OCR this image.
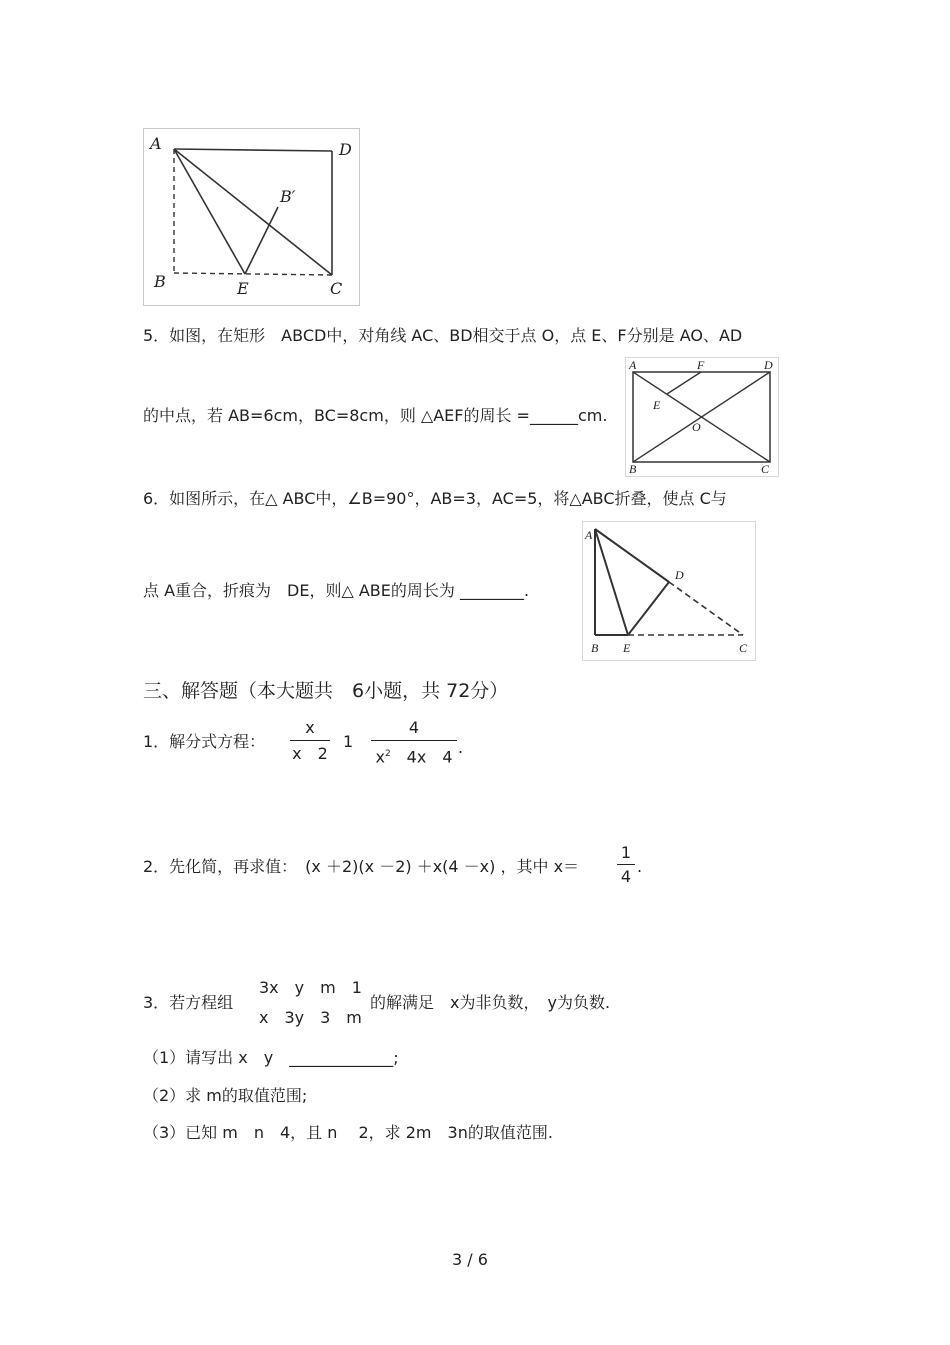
A	D
B′
B	E	C
5．如图，在矩形　ABCD中，对角线 AC、BD相交于点 O，点 E、F分别是 AO、AD
的中点，若 AB=6cm，BC=8cm，则 △AEF的周长 =______cm.
A	F	D
E
O
B	C
6．如图所示，在△ ABC中，∠B=90°，AB=3，AC=5，将△ABC折叠，使点 C与
点 A重合，折痕为　DE，则△ ABE的周长为 ________.
A
D
B E	C
三、解答题（本大题共　6小题，共 72分）
1．解分式方程：
x
x　2
1
4
$x^2$　4x　4 .
2．先化简，再求值：　(x ＋2)(x －2) ＋x(4 －x) ，其中 x＝
1
4
.
3．若方程组
3x　y　m　1
x　3y　3　m
的解满足　x为非负数，　y为负数.
（1）请写出 x　y　_____________;
（2）求 m的取值范围;
（3）已知 m　n　4，且 n　 2，求 2m　3n的取值范围.
3 / 6
